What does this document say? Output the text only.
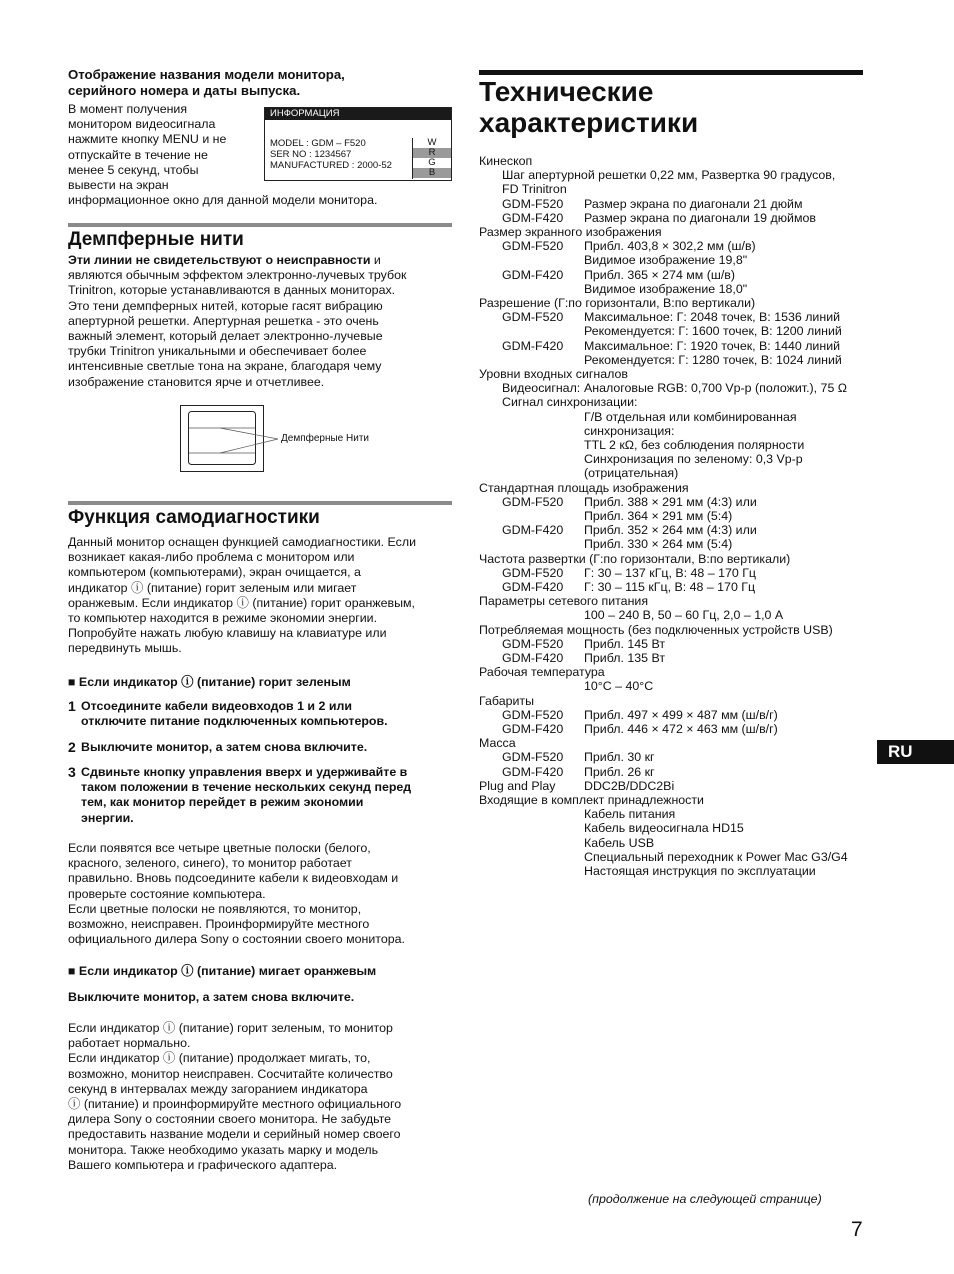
Отображение названия модели монитора,
серийного номера и даты выпуска.
В момент получения
монитором видеосигнала
нажмите кнопку MENU и не
отпускайте в течение не
менее 5 секунд, чтобы
вывести на экран
информационное окно для данной модели монитора.
ИНФОРМАЦИЯ
MODEL : GDM – F520
SER NO : 1234567
MANUFACTURED : 2000-52
W
R
G
B
Демпферные нити
Эти линии не свидетельствуют о неисправности и
являются обычным эффектом электронно-лучевых трубок
Trinitron, которые устанавливаются в данных мониторах.
Это тени демпферных нитей, которые гасят вибрацию
апертурной решетки. Апертурная решетка - это очень
важный элемент, который делает электронно-лучевые
трубки Trinitron уникальными и обеспечивает более
интенсивные светлые тона на экране, благодаря чему
изображение становится ярче и отчетливее.
Демпферные Нити
Функция самодиагностики
Данный монитор оснащен функцией самодиагностики. Если
возникает какая-либо проблема с монитором или
компьютером (компьютерами), экран очищается, а
индикатор ⓘ (питание) горит зеленым или мигает
оранжевым. Если индикатор ⓘ (питание) горит оранжевым,
то компьютер находится в режиме экономии энергии.
Попробуйте нажать любую клавишу на клавиатуре или
передвинуть мышь.
■ Если индикатор ⓘ (питание) горит зеленым
1 Отсоедините кабели видеовходов 1 и 2 или
отключите питание подключенных компьютеров.
2 Выключите монитор, а затем снова включите.
3 Сдвиньте кнопку управления вверх и удерживайте в
таком положении в течение нескольких секунд перед
тем, как монитор перейдет в режим экономии
энергии.
Если появятся все четыре цветные полоски (белого,
красного, зеленого, синего), то монитор работает
правильно. Вновь подсоедините кабели к видеовходам и
проверьте состояние компьютера.
Если цветные полоски не появляются, то монитор,
возможно, неисправен. Проинформируйте местного
официального дилера Sony о состоянии своего монитора.
■ Если индикатор ⓘ (питание) мигает оранжевым
Выключите монитор, а затем снова включите.
Если индикатор ⓘ (питание) горит зеленым, то монитор
работает нормально.
Если индикатор ⓘ (питание) продолжает мигать, то,
возможно, монитор неисправен. Сосчитайте количество
секунд в интервалах между загоранием индикатора
ⓘ (питание) и проинформируйте местного официального
дилера Sony о состоянии своего монитора. Не забудьте
предоставить название модели и серийный номер своего
монитора. Также необходимо указать марку и модель
Вашего компьютера и графического адаптера.
Технические
характеристики
Кинескоп
Шаг апертурной решетки 0,22 мм, Развертка 90 градусов,
FD Trinitron
GDM-F520 Размер экрана по диагонали 21 дюйм
GDM-F420 Размер экрана по диагонали 19 дюймов
Размер экранного изображения
GDM-F520 Прибл. 403,8 × 302,2 мм (ш/в)
Видимое изображение 19,8"
GDM-F420 Прибл. 365 × 274 мм (ш/в)
Видимое изображение 18,0"
Разрешение (Г:по горизонтали, В:по вертикали)
GDM-F520 Максимальное: Г: 2048 точек, В: 1536 линий
Рекомендуется: Г: 1600 точек, В: 1200 линий
GDM-F420 Максимальное: Г: 1920 точек, В: 1440 линий
Рекомендуется: Г: 1280 точек, В: 1024 линий
Уровни входных сигналов
Видеосигнал: Аналоговые RGB: 0,700 Vp-p (положит.), 75 Ω
Сигнал синхронизации:
Г/В отдельная или комбинированная
синхронизация:
TTL 2 кΩ, без соблюдения полярности
Синхронизация по зеленому: 0,3 Vp-p
(отрицательная)
Стандартная площадь изображения
GDM-F520 Прибл. 388 × 291 мм (4:3) или
Прибл. 364 × 291 мм (5:4)
GDM-F420 Прибл. 352 × 264 мм (4:3) или
Прибл. 330 × 264 мм (5:4)
Частота развертки (Г:по горизонтали, В:по вертикали)
GDM-F520 Г: 30 – 137 кГц, В: 48 – 170 Гц
GDM-F420 Г: 30 – 115 кГц, В: 48 – 170 Гц
Параметры сетевого питания
100 – 240 В, 50 – 60 Гц, 2,0 – 1,0 А
Потребляемая мощность (без подключенных устройств USB)
GDM-F520 Прибл. 145 Вт
GDM-F420 Прибл. 135 Вт
Рабочая температура
10°C – 40°C
Габариты
GDM-F520 Прибл. 497 × 499 × 487 мм (ш/в/г)
GDM-F420 Прибл. 446 × 472 × 463 мм (ш/в/г)
Масса
GDM-F520 Прибл. 30 кг
GDM-F420 Прибл. 26 кг
Plug and Play DDC2B/DDC2Bi
Входящие в комплект принадлежности
Кабель питания
Кабель видеосигнала HD15
Кабель USB
Специальный переходник к Power Mac G3/G4
Настоящая инструкция по эксплуатации
RU
(продолжение на следующей странице)
7
